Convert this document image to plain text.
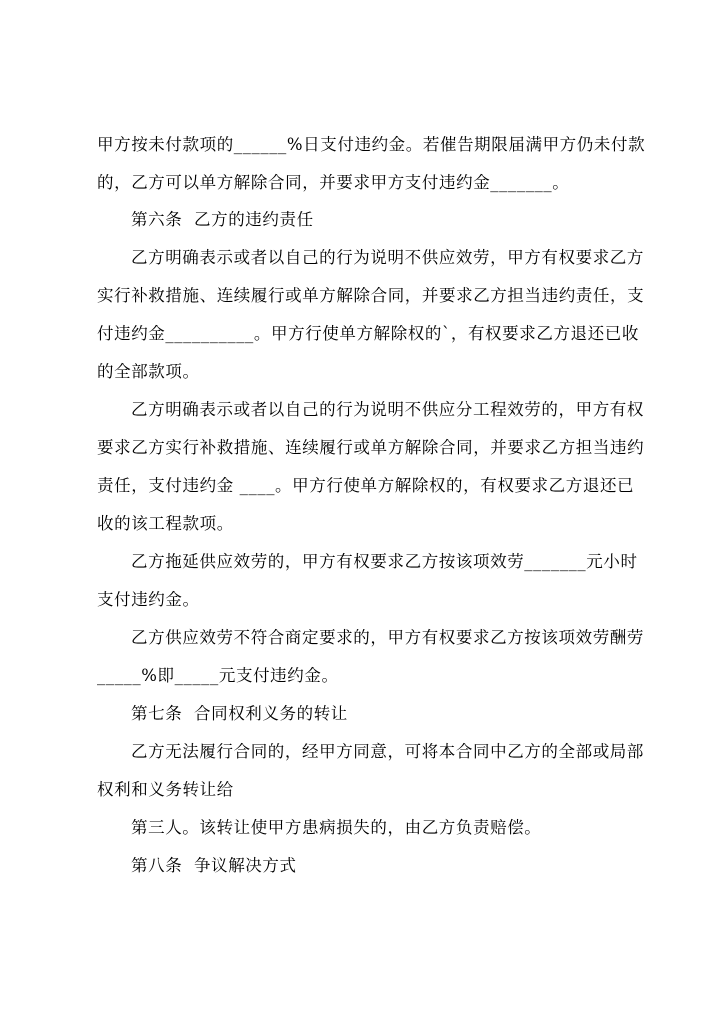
甲方按未付款项的______%日支付违约金。若催告期限届满甲方仍未付款
的，乙方可以单方解除合同，并要求甲方支付违约金_______。
第六条  乙方的违约责任
乙方明确表示或者以自己的行为说明不供应效劳，甲方有权要求乙方
实行补救措施、连续履行或单方解除合同，并要求乙方担当违约责任，支
付违约金__________。甲方行使单方解除权的`，有权要求乙方退还已收
的全部款项。
乙方明确表示或者以自己的行为说明不供应分工程效劳的，甲方有权
要求乙方实行补救措施、连续履行或单方解除合同，并要求乙方担当违约
责任，支付违约金 ____。甲方行使单方解除权的，有权要求乙方退还已
收的该工程款项。
乙方拖延供应效劳的，甲方有权要求乙方按该项效劳_______元小时
支付违约金。
乙方供应效劳不符合商定要求的，甲方有权要求乙方按该项效劳酬劳
_____%即_____元支付违约金。
第七条  合同权利义务的转让
乙方无法履行合同的，经甲方同意，可将本合同中乙方的全部或局部
权利和义务转让给
第三人。该转让使甲方患病损失的，由乙方负责赔偿。
第八条  争议解决方式
